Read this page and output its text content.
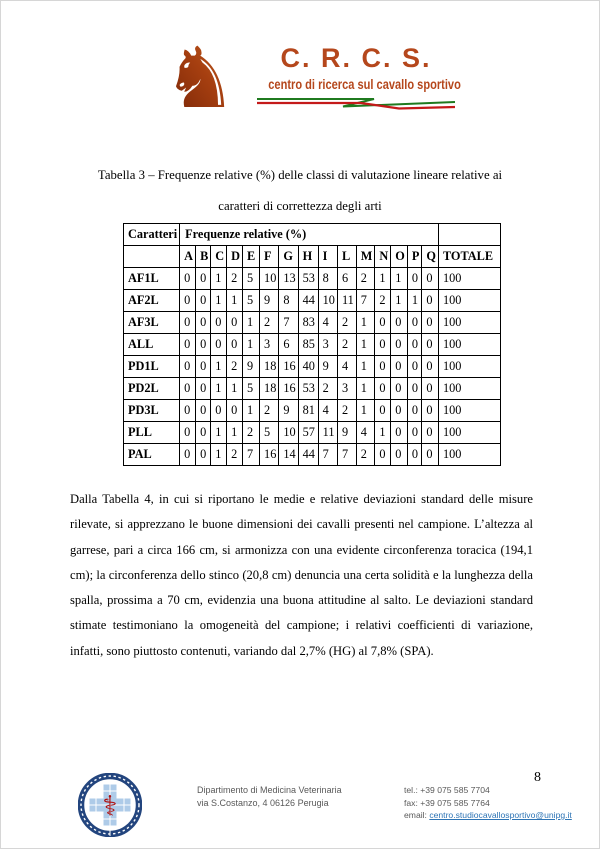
♞	C. R. C. S.
centro di ricerca sul cavallo sportivo
Tabella 3 – Frequenze relative (%) delle classi di valutazione lineare relative ai
caratteri di correttezza degli arti
Caratteri	Frequenze relative (%)															
	A	B	C	D	E	F	G	H	I	L	M	N	O	P	Q	TOTALE
AF1L	0	0	1	2	5	10	13	53	8	6	2	1	1	0	0	100
AF2L	0	0	1	1	5	9	8	44	10	11	7	2	1	1	0	100
AF3L	0	0	0	0	1	2	7	83	4	2	1	0	0	0	0	100
ALL	0	0	0	0	1	3	6	85	3	2	1	0	0	0	0	100
PD1L	0	0	1	2	9	18	16	40	9	4	1	0	0	0	0	100
PD2L	0	0	1	1	5	18	16	53	2	3	1	0	0	0	0	100
PD3L	0	0	0	0	1	2	9	81	4	2	1	0	0	0	0	100
PLL	0	0	1	1	2	5	10	57	11	9	4	1	0	0	0	100
PAL	0	0	1	2	7	16	14	44	7	7	2	0	0	0	0	100

Dalla Tabella 4, in cui si riportano le medie e relative deviazioni standard delle misure rilevate, si apprezzano le buone dimensioni dei cavalli presenti nel campione. L’altezza al garrese, pari a circa 166 cm, si armonizza con una evidente circonferenza toracica (194,1 cm); la circonferenza dello stinco (20,8 cm) denuncia una certa solidità e la lunghezza della spalla, prossima a 70 cm, evidenzia una buona attitudine al salto. Le deviazioni standard stimate testimoniano la omogeneità del campione; i relativi coefficienti di variazione, infatti, sono piuttosto contenuti, variando dal 2,7% (HG) al 7,8% (SPA).

⚕	Dipartimento di Medicina Veterinaria
via S.Costanzo, 4 06126 Perugia
tel.: +39 075 585 7704
fax: +39 075 585 7764
email: centro.studiocavallosportivo@unipg.it
8
